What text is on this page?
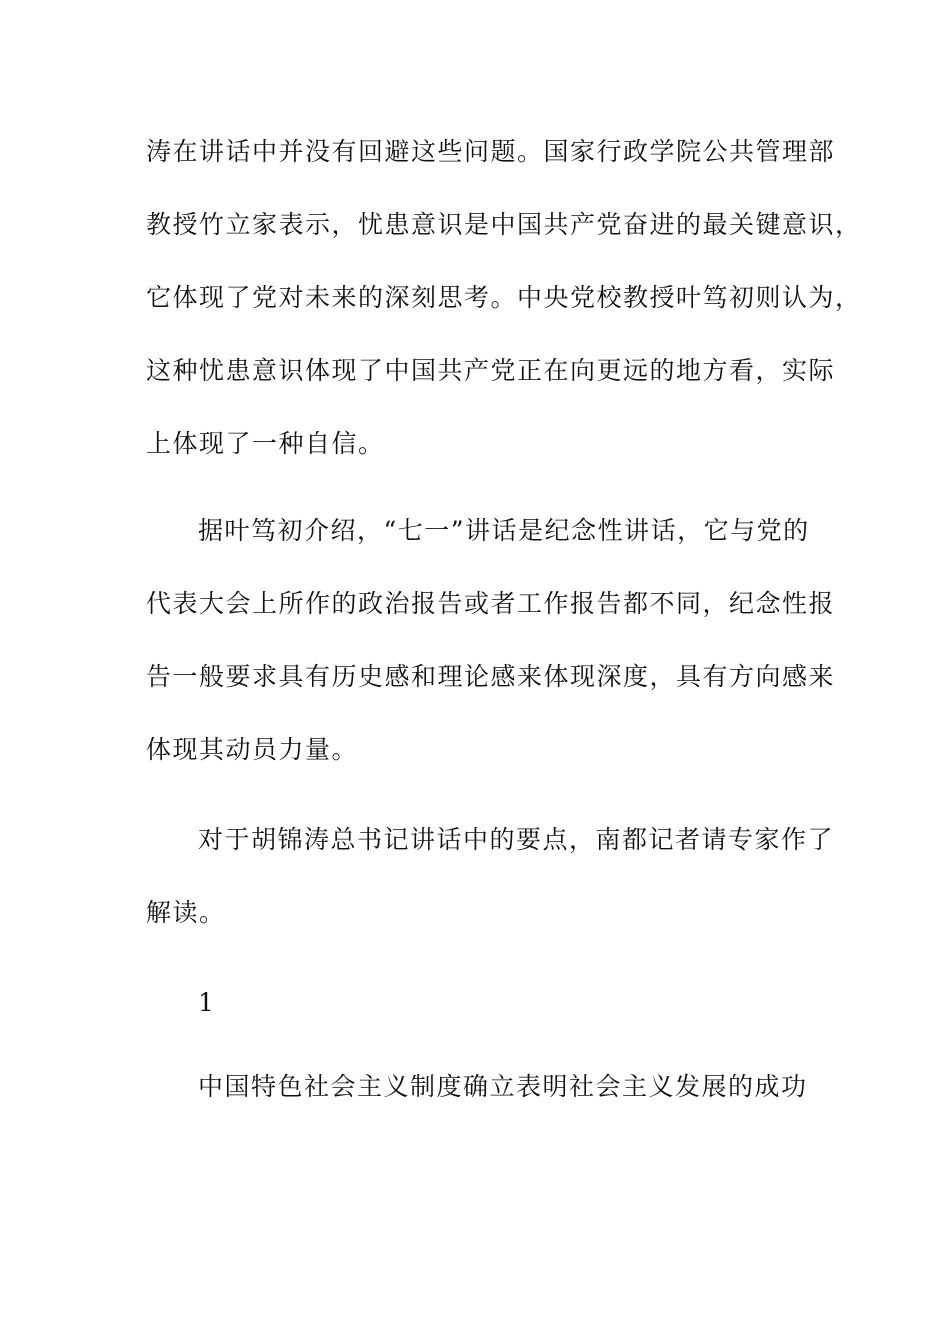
涛在讲话中并没有回避这些问题。国家行政学院公共管理部
教授竹立家表示，忧患意识是中国共产党奋进的最关键意识，
它体现了党对未来的深刻思考。中央党校教授叶笃初则认为，
这种忧患意识体现了中国共产党正在向更远的地方看，实际
上体现了一种自信。

据叶笃初介绍，“七一”讲话是纪念性讲话，它与党的
代表大会上所作的政治报告或者工作报告都不同，纪念性报
告一般要求具有历史感和理论感来体现深度，具有方向感来
体现其动员力量。

对于胡锦涛总书记讲话中的要点，南都记者请专家作了
解读。

1

中国特色社会主义制度确立表明社会主义发展的成功
